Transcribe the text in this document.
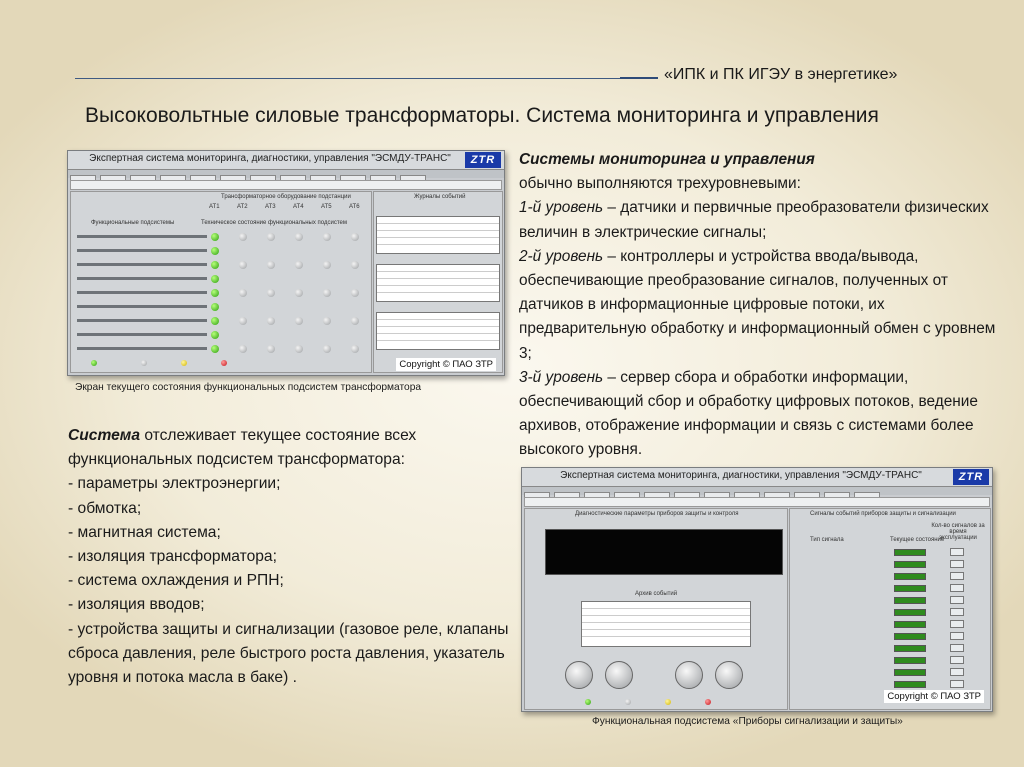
«ИПК и ПК ИГЭУ в энергетике»
Высоковольтные силовые трансформаторы. Система мониторинга и управления

Системы мониторинга и управления

обычно выполняются трехуровневыми:

1-й уровень – датчики и первичные преобразователи физических величин в электрические сигналы;

2-й уровень – контроллеры и устройства ввода/вывода, обеспечивающие преобразование сигналов, полученных от датчиков в информационные цифровые потоки, их предварительную обработку и информационный обмен с уровнем 3;

3-й уровень – сервер сбора и обработки информации, обеспечивающий сбор и обработку цифровых потоков, ведение архивов, отображение информации и связь с системами более высокого уровня.

Система отслеживает текущее состояние всех функциональных подсистем трансформатора:

- параметры электроэнергии;

- обмотка;

- магнитная система;

- изоляция трансформатора;

- система охлаждения и РПН;

- изоляция вводов;

- устройства защиты и сигнализации (газовое реле, клапаны сброса давления, реле быстрого роста давления, указатель уровня и потока масла в баке) .

Экспертная система мониторинга, диагностики, управления "ЭСМДУ-ТРАНС"	ZTR
Трансформаторное оборудование подстанции
Функциональные подсистемы	Техническое состояние функциональных подсистем
АТ1	АТ2	АТ3	АТ4	АТ5	АТ6
Журналы событий
Copyright © ПАО ЗТР
Экран текущего состояния функциональных подсистем трансформатора
Экспертная система мониторинга, диагностики, управления "ЭСМДУ-ТРАНС"	ZTR
Диагностические параметры приборов защиты и контроля
Архив событий
Сигналы событий приборов защиты и сигнализации
Тип сигнала	Текущее состояние
Кол-во сигналов за время эксплуатации
Copyright © ПАО ЗТР
Функциональная подсистема «Приборы сигнализации и защиты»
